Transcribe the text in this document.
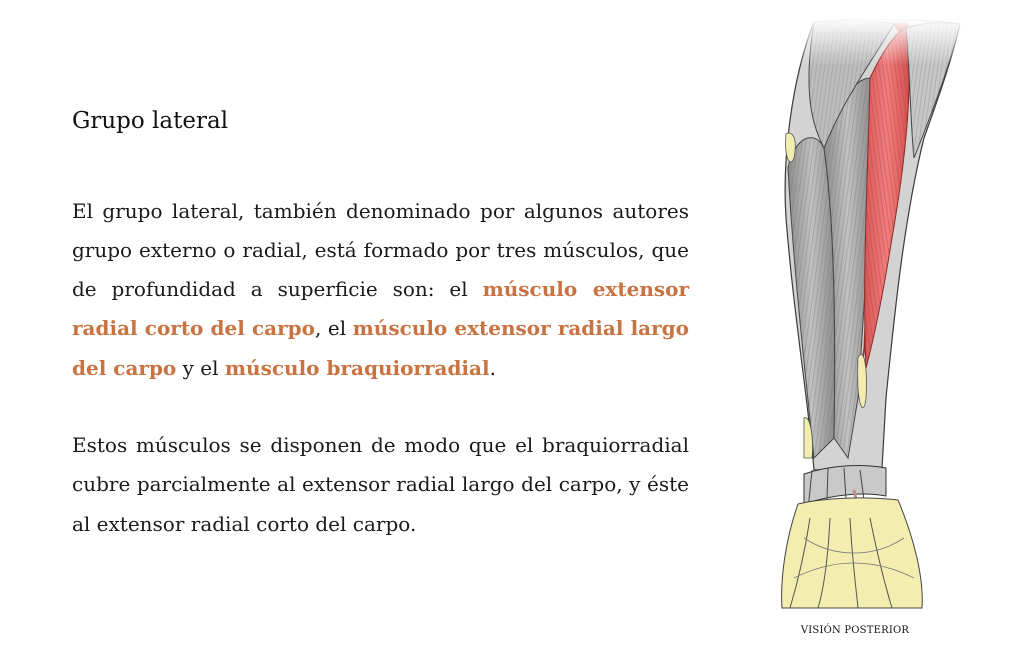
Grupo lateral

El grupo lateral, también denominado por algunos autores grupo externo o radial, está formado por tres músculos, que de profundidad a superficie son: el músculo extensor radial corto del carpo, el músculo extensor radial largo del carpo y el músculo braquiorradial.

Estos músculos se disponen de modo que el braquiorradial cubre parcialmente al extensor radial largo del carpo, y éste al extensor radial corto del carpo.

VISIÓN POSTERIOR
